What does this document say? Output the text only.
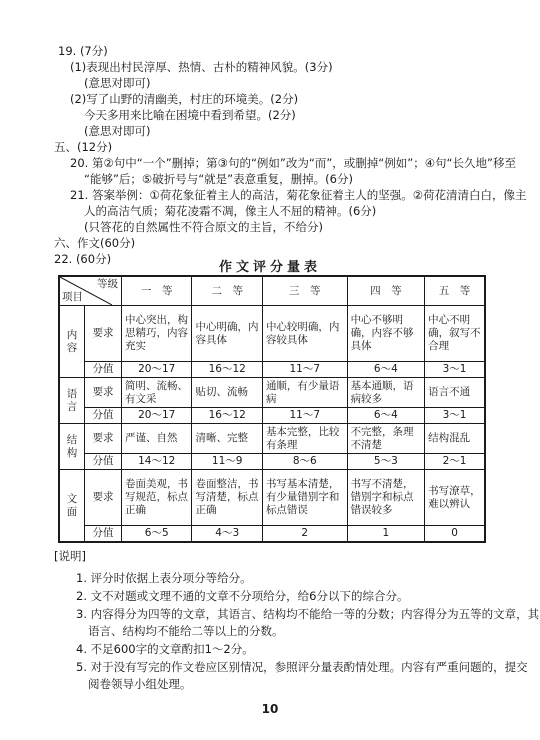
19. (7分)
(1)表现出村民淳厚、热情、古朴的精神风貌。(3分)
(意思对即可)
(2)写了山野的清幽美，村庄的环境美。(2分)
今天多用来比喻在困境中看到希望。(2分)
(意思对即可)
五、(12分)
20. 第②句中“一个”删掉；第③句的“例如”改为“而”，或删掉“例如”；④句“长久地”移至
“能够”后；⑤破折号与“就是”表意重复，删掉。(6分)
21. 答案举例：①荷花象征着主人的高洁，菊花象征着主人的坚强。②荷花清清白白，像主
人的高洁气质；菊花凌霜不凋，像主人不屈的精神。(6分)
(只答花的自然属性不符合原文的主旨，不给分)
六、作文(60分)
22. (60分)
作文评分量表
等级
项目		一　等	二　等	三　等	四　等	五　等
内容	要求	中心突出，构思精巧，内容充实	中心明确，内容具体	中心较明确，内容较具体	中心不够明确，内容不够具体	中心不明确，叙写不合理
	分值	20～17	16～12	11～7	6～4	3～1
语言	要求	简明、流畅、有文采	贴切、流畅	通顺，有少量语病	基本通顺，语病较多	语言不通
	分值	20～17	16～12	11～7	6～4	3～1
结构	要求	严谨、自然	清晰、完整	基本完整，比较有条理	不完整，条理不清楚	结构混乱
	分值	14～12	11～9	8～6	5～3	2～1
文面	要求	卷面美观，书写规范，标点正确	卷面整洁，书写清楚，标点正确	书写基本清楚，有少量错别字和标点错误	书写不清楚，错别字和标点错误较多	书写潦草，难以辨认
	分值	6～5	4～3	2	1	0
[说明]
1. 评分时依据上表分项分等给分。
2. 文不对题或文理不通的文章不分项给分，给6分以下的综合分。
3. 内容得分为四等的文章，其语言、结构均不能给一等的分数；内容得分为五等的文章，其
语言、结构均不能给二等以上的分数。
4. 不足600字的文章酌扣1～2分。
5. 对于没有写完的作文卷应区别情况，参照评分量表酌情处理。内容有严重问题的，提交
阅卷领导小组处理。
10
